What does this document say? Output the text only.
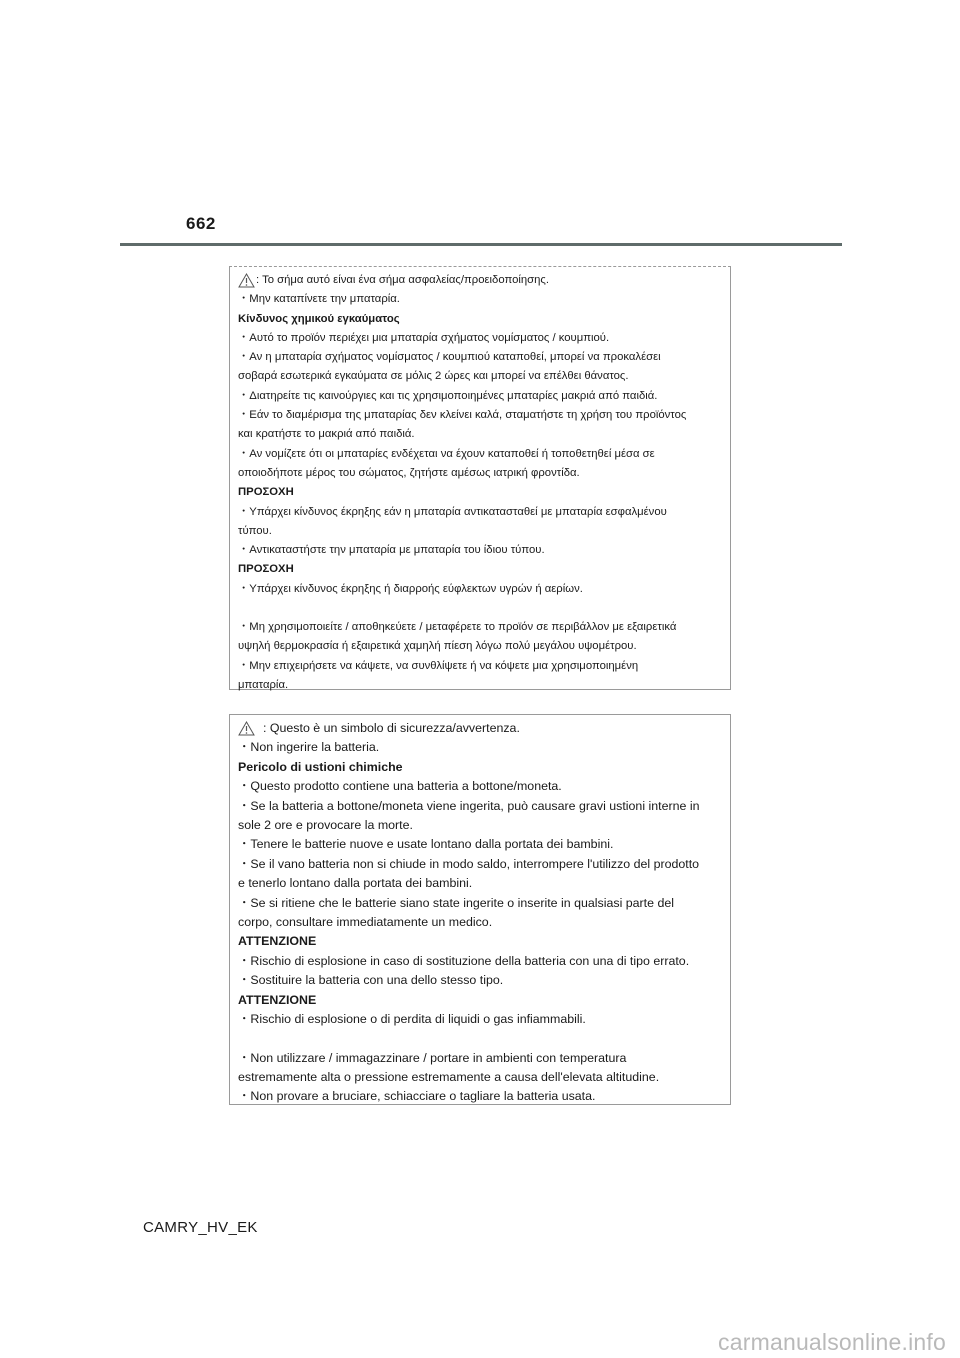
662
: Το σήμα αυτό είναι ένα σήμα ασφαλείας/προειδοποίησης.
・Μην καταπίνετε την μπαταρία.
Κίνδυνος χημικού εγκαύματος
・Αυτό το προϊόν περιέχει μια μπαταρία σχήματος νομίσματος / κουμπιού.
・Αν η μπαταρία σχήματος νομίσματος / κουμπιού καταποθεί, μπορεί να προκαλέσει
σοβαρά εσωτερικά εγκαύματα σε μόλις 2 ώρες και μπορεί να επέλθει θάνατος.
・Διατηρείτε τις καινούργιες και τις χρησιμοποιημένες μπαταρίες μακριά από παιδιά.
・Εάν το διαμέρισμα της μπαταρίας δεν κλείνει καλά, σταματήστε τη χρήση του προϊόντος
και κρατήστε το μακριά από παιδιά.
・Αν νομίζετε ότι οι μπαταρίες ενδέχεται να έχουν καταποθεί ή τοποθετηθεί μέσα σε
οποιοδήποτε μέρος του σώματος, ζητήστε αμέσως ιατρική φροντίδα.
ΠΡΟΣΟΧΗ
・Υπάρχει κίνδυνος έκρηξης εάν η μπαταρία αντικατασταθεί με μπαταρία εσφαλμένου
τύπου.
・Αντικαταστήστε την μπαταρία με μπαταρία του ίδιου τύπου.
ΠΡΟΣΟΧΗ
・Υπάρχει κίνδυνος έκρηξης ή διαρροής εύφλεκτων υγρών ή αερίων.
・Μη χρησιμοποιείτε / αποθηκεύετε / μεταφέρετε το προϊόν σε περιβάλλον με εξαιρετικά
υψηλή θερμοκρασία ή εξαιρετικά χαμηλή πίεση λόγω πολύ μεγάλου υψομέτρου.
・Μην επιχειρήσετε να κάψετε, να συνθλίψετε ή να κόψετε μια χρησιμοποιημένη
μπαταρία.
: Questo è un simbolo di sicurezza/avvertenza.
・Non ingerire la batteria.
Pericolo di ustioni chimiche
・Questo prodotto contiene una batteria a bottone/moneta.
・Se la batteria a bottone/moneta viene ingerita, può causare gravi ustioni interne in
sole 2 ore e provocare la morte.
・Tenere le batterie nuove e usate lontano dalla portata dei bambini.
・Se il vano batteria non si chiude in modo saldo, interrompere l'utilizzo del prodotto
e tenerlo lontano dalla portata dei bambini.
・Se si ritiene che le batterie siano state ingerite o inserite in qualsiasi parte del
corpo, consultare immediatamente un medico.
ATTENZIONE
・Rischio di esplosione in caso di sostituzione della batteria con una di tipo errato.
・Sostituire la batteria con una dello stesso tipo.
ATTENZIONE
・Rischio di esplosione o di perdita di liquidi o gas infiammabili.
・Non utilizzare / immagazzinare / portare in ambienti con temperatura
estremamente alta o pressione estremamente a causa dell'elevata altitudine.
・Non provare a bruciare, schiacciare o tagliare la batteria usata.
CAMRY_HV_EK
carmanualsonline.info
